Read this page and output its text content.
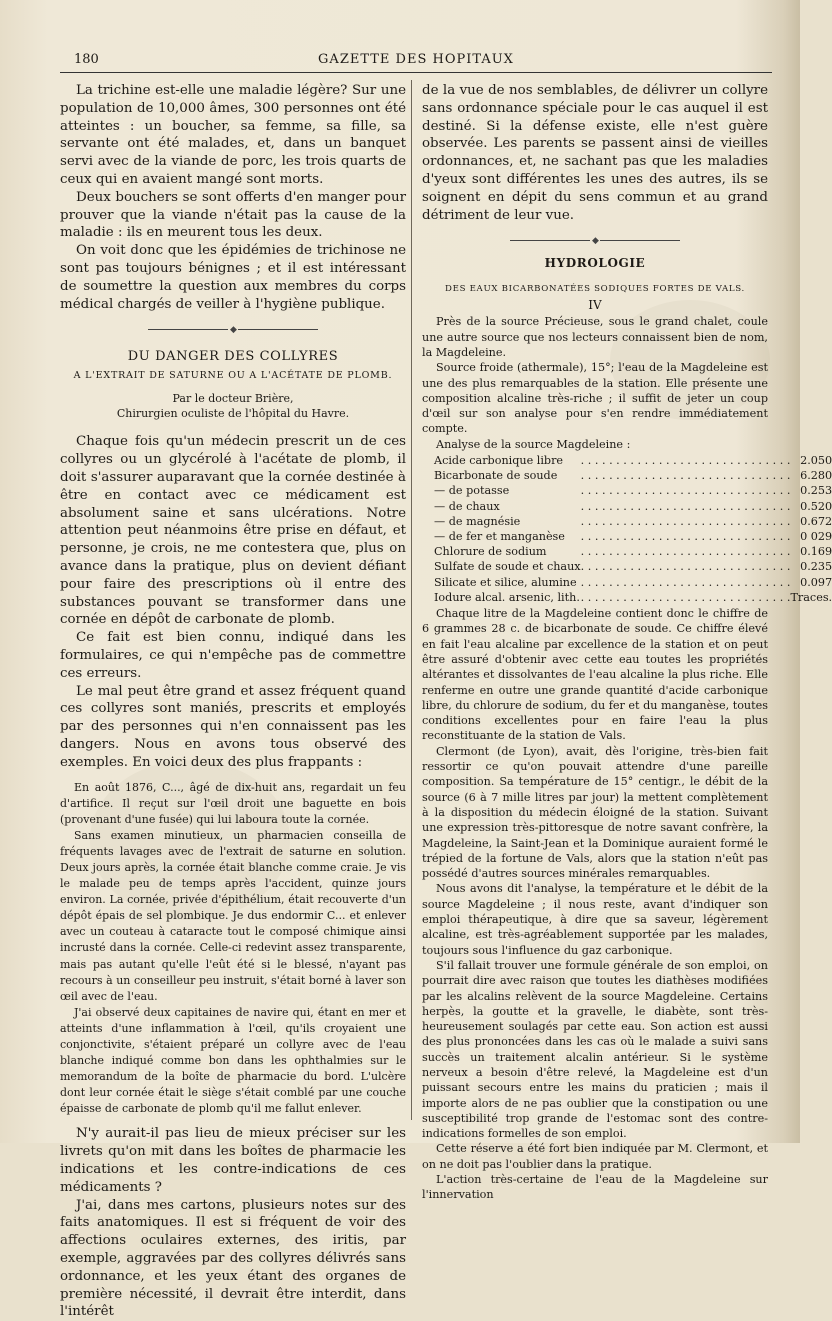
180	GAZETTE DES HOPITAUX

La trichine est-elle une maladie légère? Sur une population de 10,000 âmes, 300 personnes ont été atteintes : un boucher, sa femme, sa fille, sa servante ont été malades, et, dans un banquet servi avec de la viande de porc, les trois quarts de ceux qui en avaient mangé sont morts.

Deux bouchers se sont offerts d'en manger pour prouver que la viande n'était pas la cause de la maladie : ils en meurent tous les deux.

On voit donc que les épidémies de trichinose ne sont pas toujours bénignes ; et il est intéressant de soumettre la question aux membres du corps médical chargés de veiller à l'hygiène publique.

◆
DU DANGER DES COLLYRES
A L'EXTRAIT DE SATURNE OU A L'ACÉTATE DE PLOMB.
Par le docteur Brière,
Chirurgien oculiste de l'hôpital du Havre.

Chaque fois qu'un médecin prescrit un de ces collyres ou un glycérolé à l'acétate de plomb, il doit s'assurer auparavant que la cornée destinée à être en contact avec ce médicament est absolument saine et sans ulcérations. Notre attention peut néanmoins être prise en défaut, et personne, je crois, ne me contestera que, plus on avance dans la pratique, plus on devient défiant pour faire des prescriptions où il entre des substances pouvant se transformer dans une cornée en dépôt de carbonate de plomb.

Ce fait est bien connu, indiqué dans les formulaires, ce qui n'empêche pas de commettre ces erreurs.

Le mal peut être grand et assez fréquent quand ces collyres sont maniés, prescrits et employés par des personnes qui n'en connaissent pas les dangers. Nous en avons tous observé des exemples. En voici deux des plus frappants :

En août 1876, C..., âgé de dix-huit ans, regardait un feu d'artifice. Il reçut sur l'œil droit une baguette en bois (provenant d'une fusée) qui lui laboura toute la cornée.

Sans examen minutieux, un pharmacien conseilla de fréquents lavages avec de l'extrait de saturne en solution. Deux jours après, la cornée était blanche comme craie. Je vis le malade peu de temps après l'accident, quinze jours environ. La cornée, privée d'épithélium, était recouverte d'un dépôt épais de sel plombique. Je dus endormir C... et enlever avec un couteau à cataracte tout le composé chimique ainsi incrusté dans la cornée. Celle-ci redevint assez transparente, mais pas autant qu'elle l'eût été si le blessé, n'ayant pas recours à un conseilleur peu instruit, s'était borné à laver son œil avec de l'eau.

J'ai observé deux capitaines de navire qui, étant en mer et atteints d'une inflammation à l'œil, qu'ils croyaient une conjonctivite, s'étaient préparé un collyre avec de l'eau blanche indiqué comme bon dans les ophthalmies sur le memorandum de la boîte de pharmacie du bord. L'ulcère dont leur cornée était le siège s'était comblé par une couche épaisse de carbonate de plomb qu'il me fallut enlever.

N'y aurait-il pas lieu de mieux préciser sur les livrets qu'on mit dans les boîtes de pharmacie les indications et les contre-indications de ces médicaments ?

J'ai, dans mes cartons, plusieurs notes sur des faits anatomiques. Il est si fréquent de voir des affections oculaires externes, des iritis, par exemple, aggravées par des collyres délivrés sans ordonnance, et les yeux étant des organes de première nécessité, il devrait être interdit, dans l'intérêt

de la vue de nos semblables, de délivrer un collyre sans ordonnance spéciale pour le cas auquel il est destiné. Si la défense existe, elle n'est guère observée. Les parents se passent ainsi de vieilles ordonnances, et, ne sachant pas que les maladies d'yeux sont différentes les unes des autres, ils se soignent en dépit du sens commun et au grand détriment de leur vue.

◆
HYDROLOGIE
DES EAUX BICARBONATÉES SODIQUES FORTES DE VALS.
IV

Près de la source Précieuse, sous le grand chalet, coule une autre source que nos lecteurs connaissent bien de nom, la Magdeleine.

Source froide (athermale), 15°; l'eau de la Magdeleine est une des plus remarquables de la station. Elle présente une composition alcaline très-riche ; il suffit de jeter un coup d'œil sur son analyse pour s'en rendre immédiatement compte.

Analyse de la source Magdeleine :

Acide carbonique libre	. . .	2.050
Bicarbonate de soude	. . .	6.280
— de potasse	. . .	0.253
— de chaux	. . .	0.520
— de magnésie	. . .	0.672
— de fer et manganèse	. . .	0 029
Chlorure de sodium	. . .	0.169
Sulfate de soude et chaux	. . .	0.235
Silicate et silice, alumine	. . .	0.097
Iodure alcal. arsenic, lith.	. . .	Traces.

Chaque litre de la Magdeleine contient donc le chiffre de 6 grammes 28 c. de bicarbonate de soude. Ce chiffre élevé en fait l'eau alcaline par excellence de la station et on peut être assuré d'obtenir avec cette eau toutes les propriétés altérantes et dissolvantes de l'eau alcaline la plus riche. Elle renferme en outre une grande quantité d'acide carbonique libre, du chlorure de sodium, du fer et du manganèse, toutes conditions excellentes pour en faire l'eau la plus reconstituante de la station de Vals.

Clermont (de Lyon), avait, dès l'origine, très-bien fait ressortir ce qu'on pouvait attendre d'une pareille composition. Sa température de 15° centigr., le débit de la source (6 à 7 mille litres par jour) la mettent complètement à la disposition du médecin éloigné de la station. Suivant une expression très-pittoresque de notre savant confrère, la Magdeleine, la Saint-Jean et la Dominique auraient formé le trépied de la fortune de Vals, alors que la station n'eût pas possédé d'autres sources minérales remarquables.

Nous avons dit l'analyse, la température et le débit de la source Magdeleine ; il nous reste, avant d'indiquer son emploi thérapeutique, à dire que sa saveur, légèrement alcaline, est très-agréablement supportée par les malades, toujours sous l'influence du gaz carbonique.

S'il fallait trouver une formule générale de son emploi, on pourrait dire avec raison que toutes les diathèses modifiées par les alcalins relèvent de la source Magdeleine. Certains herpès, la goutte et la gravelle, le diabète, sont très-heureusement soulagés par cette eau. Son action est aussi des plus prononcées dans les cas où le malade a suivi sans succès un traitement alcalin antérieur. Si le système nerveux a besoin d'être relevé, la Magdeleine est d'un puissant secours entre les mains du praticien ; mais il importe alors de ne pas oublier que la constipation ou une susceptibilité trop grande de l'estomac sont des contre-indications formelles de son emploi.

Cette réserve a été fort bien indiquée par M. Clermont, et on ne doit pas l'oublier dans la pratique.

L'action très-certaine de l'eau de la Magdeleine sur l'innervation
